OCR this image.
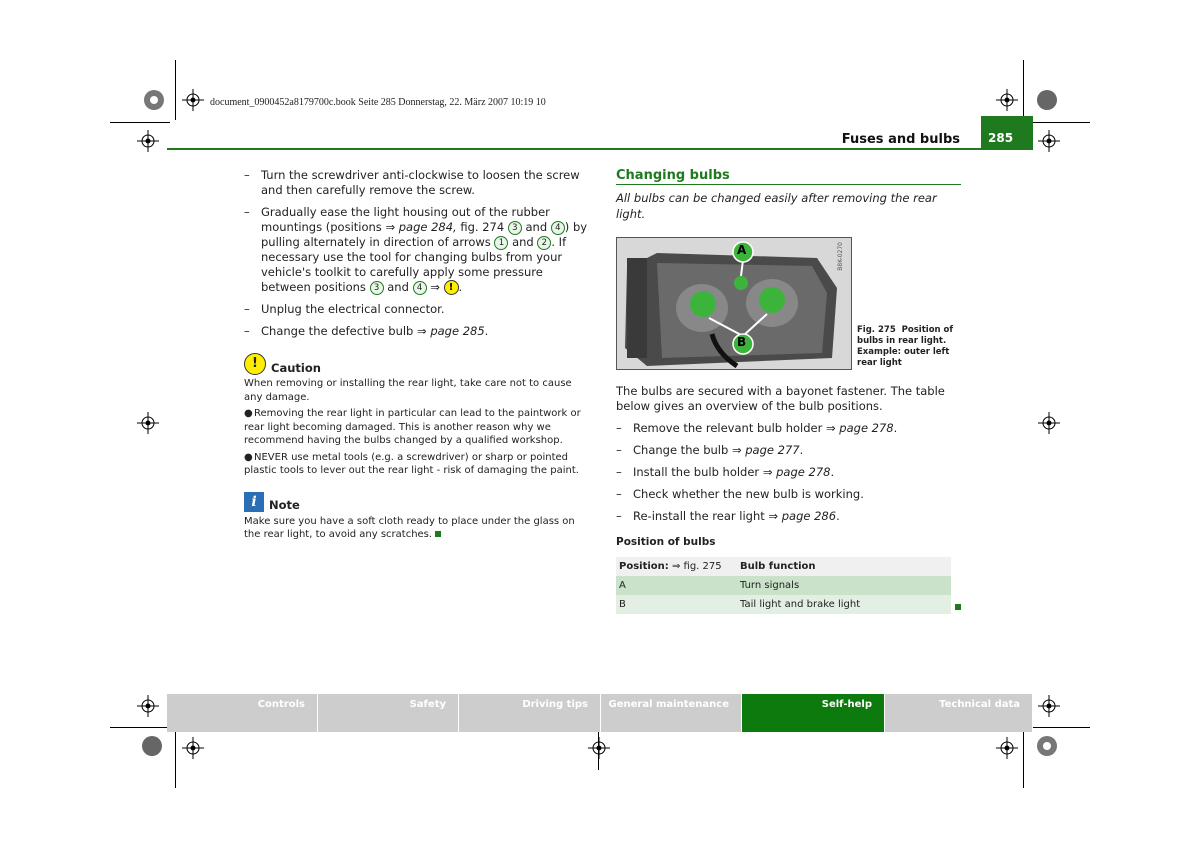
document_0900452a8179700c.book Seite 285 Donnerstag, 22. März 2007 10:19 10
Fuses and bulbs	285
– Turn the screwdriver anti-clockwise to loosen the screw and then carefully remove the screw.
– Gradually ease the light housing out of the rubber mountings (positions ⇒ page 284, fig. 274 3 and 4 ) by pulling alternately in direction of arrows 1 and 2 . If necessary use the tool for changing bulbs from your vehicle's toolkit to carefully apply some pressure between positions 3 and 4 ⇒ ! .
– Unplug the electrical connector.
– Change the defective bulb ⇒ page 285.
!	Caution
When removing or installing the rear light, take care not to cause any damage.
●Removing the rear light in particular can lead to the paintwork or rear light becoming damaged. This is another reason why we recommend having the bulbs changed by a qualified workshop.
●NEVER use metal tools (e.g. a screwdriver) or sharp or pointed plastic tools to lever out the rear light - risk of damaging the paint.
i	Note
Make sure you have a soft cloth ready to place under the glass on the rear light, to avoid any scratches.
Changing bulbs
All bulbs can be changed easily after removing the rear light.
A
B
B8K-0270
Fig. 275 Position of bulbs in rear light. Example: outer left rear light
The bulbs are secured with a bayonet fastener. The table below gives an overview of the bulb positions.
– Remove the relevant bulb holder ⇒ page 278.
– Change the bulb ⇒ page 277.
– Install the bulb holder ⇒ page 278.
– Check whether the new bulb is working.
– Re-install the rear light ⇒ page 286.
Position of bulbs
Position: ⇒ fig. 275	Bulb function
A	Turn signals
B	Tail light and brake light
Controls	Safety	Driving tips	General maintenance	Self-help	Technical data
